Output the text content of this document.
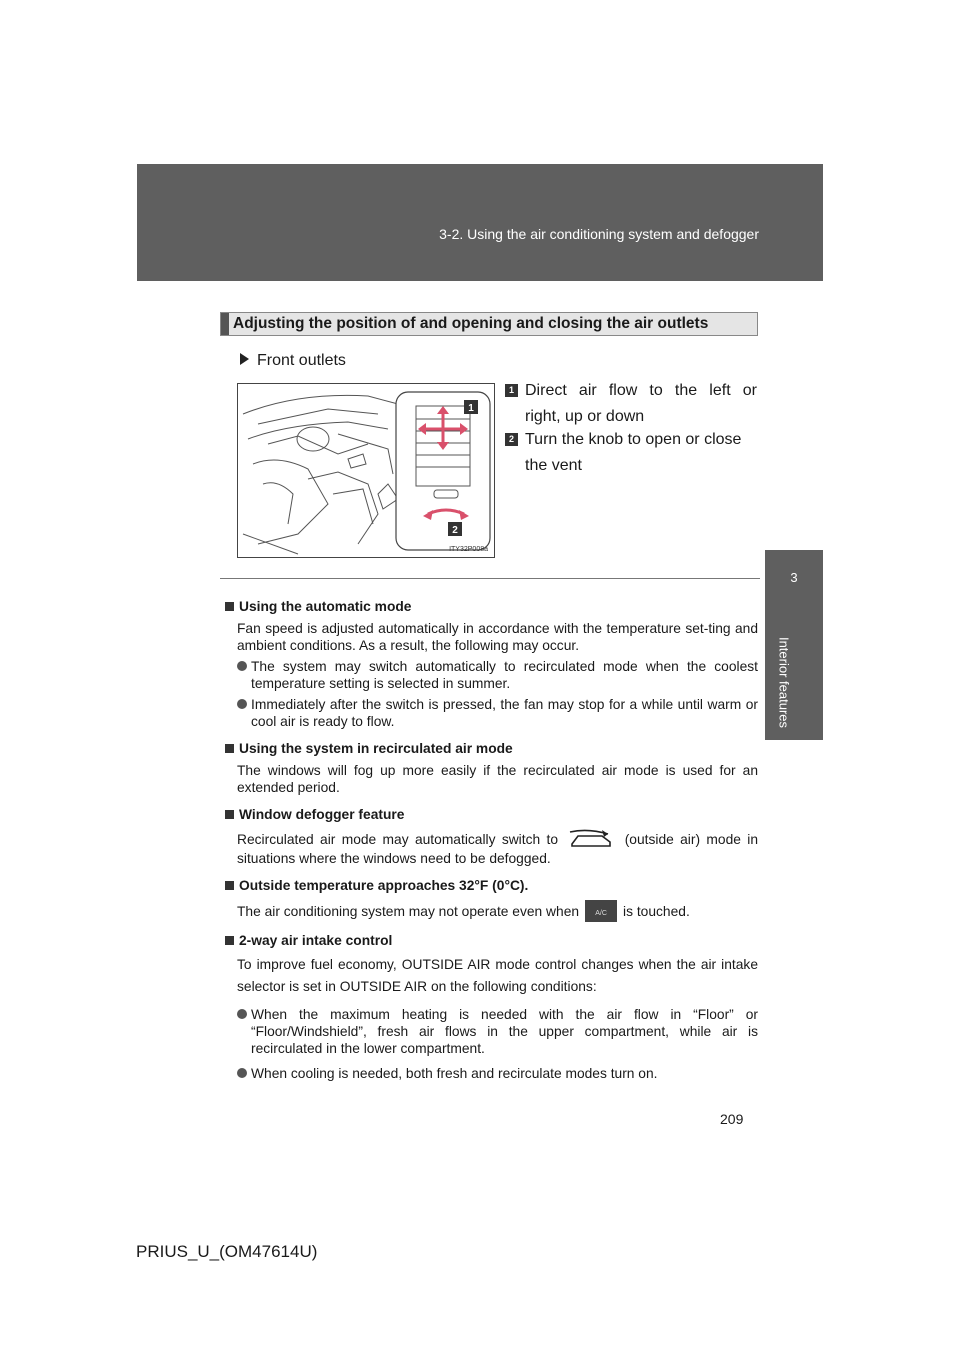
3-2. Using the air conditioning system and defogger
3
Interior features
Adjusting the position of and opening and closing the air outlets
Front outlets
1
2
ITY32P008a
1 Direct air flow to the left or
right, up or down
2 Turn the knob to open or close
the vent
Using the automatic mode
Fan speed is adjusted automatically in accordance with the temperature set-ting and ambient conditions. As a result, the following may occur.
The system may switch automatically to recirculated mode when the coolest temperature setting is selected in summer.
Immediately after the switch is pressed, the fan may stop for a while until warm or cool air is ready to flow.
Using the system in recirculated air mode
The windows will fog up more easily if the recirculated air mode is used for an extended period.
Window defogger feature
Recirculated air mode may automatically switch to	(outside air) mode in situations where the windows need to be defogged.
Outside temperature approaches 32°F (0°C).
The air conditioning system may not operate even when	A/C	is touched.
2-way air intake control
To improve fuel economy, OUTSIDE AIR mode control changes when the air intake selector is set in OUTSIDE AIR on the following conditions:
When the maximum heating is needed with the air flow in “Floor” or “Floor/Windshield”, fresh air flows in the upper compartment, while air is recirculated in the lower compartment.
When cooling is needed, both fresh and recirculate modes turn on.
209
PRIUS_U_(OM47614U)
